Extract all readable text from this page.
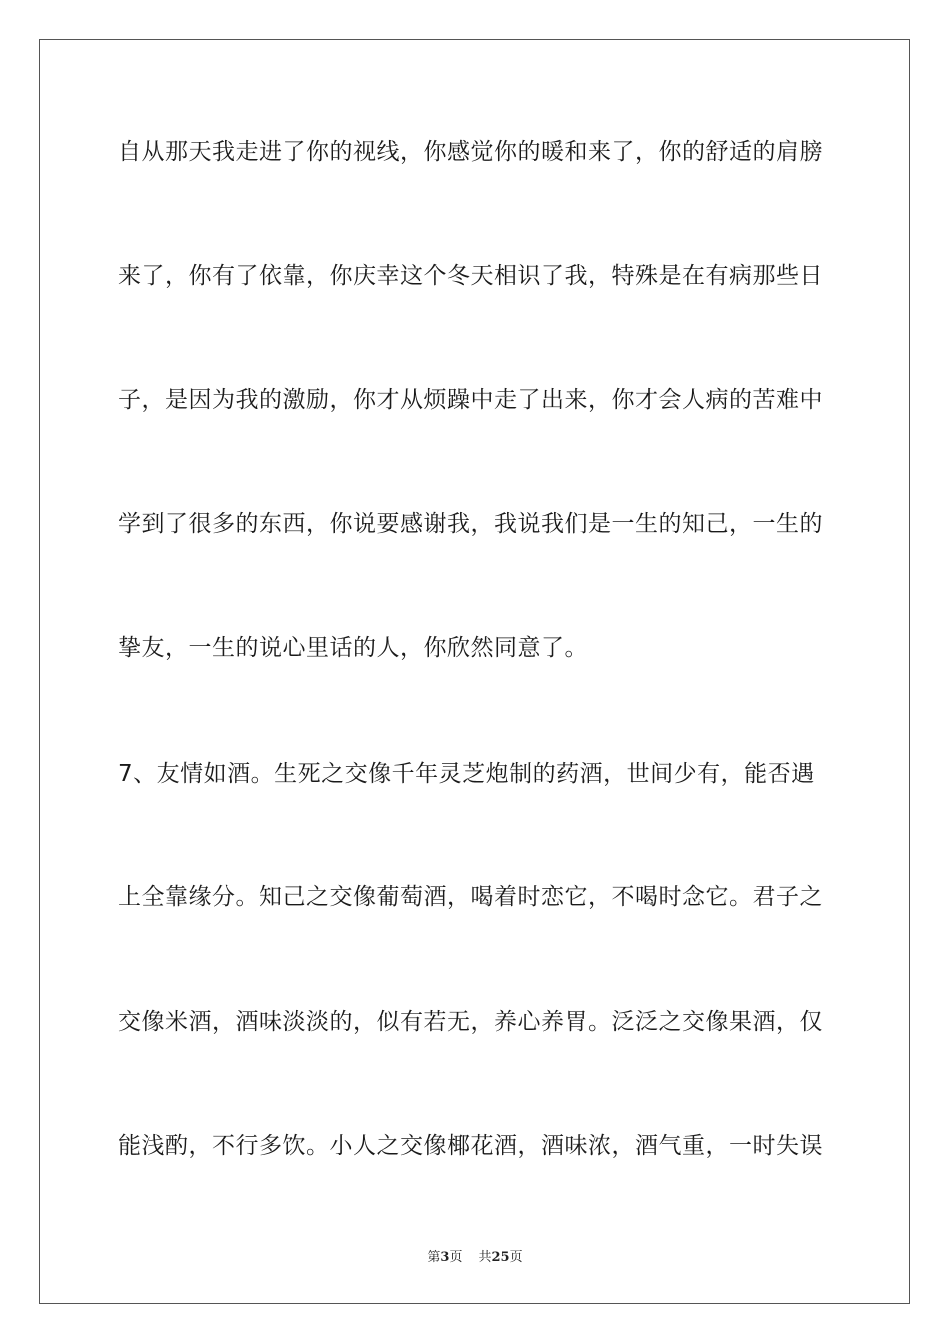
自从那天我走进了你的视线，你感觉你的暖和来了，你的舒适的肩膀
来了，你有了依靠，你庆幸这个冬天相识了我，特殊是在有病那些日
子，是因为我的激励，你才从烦躁中走了出来，你才会人病的苦难中
学到了很多的东西，你说要感谢我，我说我们是一生的知己，一生的
挚友，一生的说心里话的人，你欣然同意了。
7、友情如酒。生死之交像千年灵芝炮制的药酒，世间少有，能否遇
上全靠缘分。知己之交像葡萄酒，喝着时恋它，不喝时念它。君子之
交像米酒，酒味淡淡的，似有若无，养心养胃。泛泛之交像果酒，仅
能浅酌，不行多饮。小人之交像椰花酒，酒味浓，酒气重，一时失误
第3页 共25页
